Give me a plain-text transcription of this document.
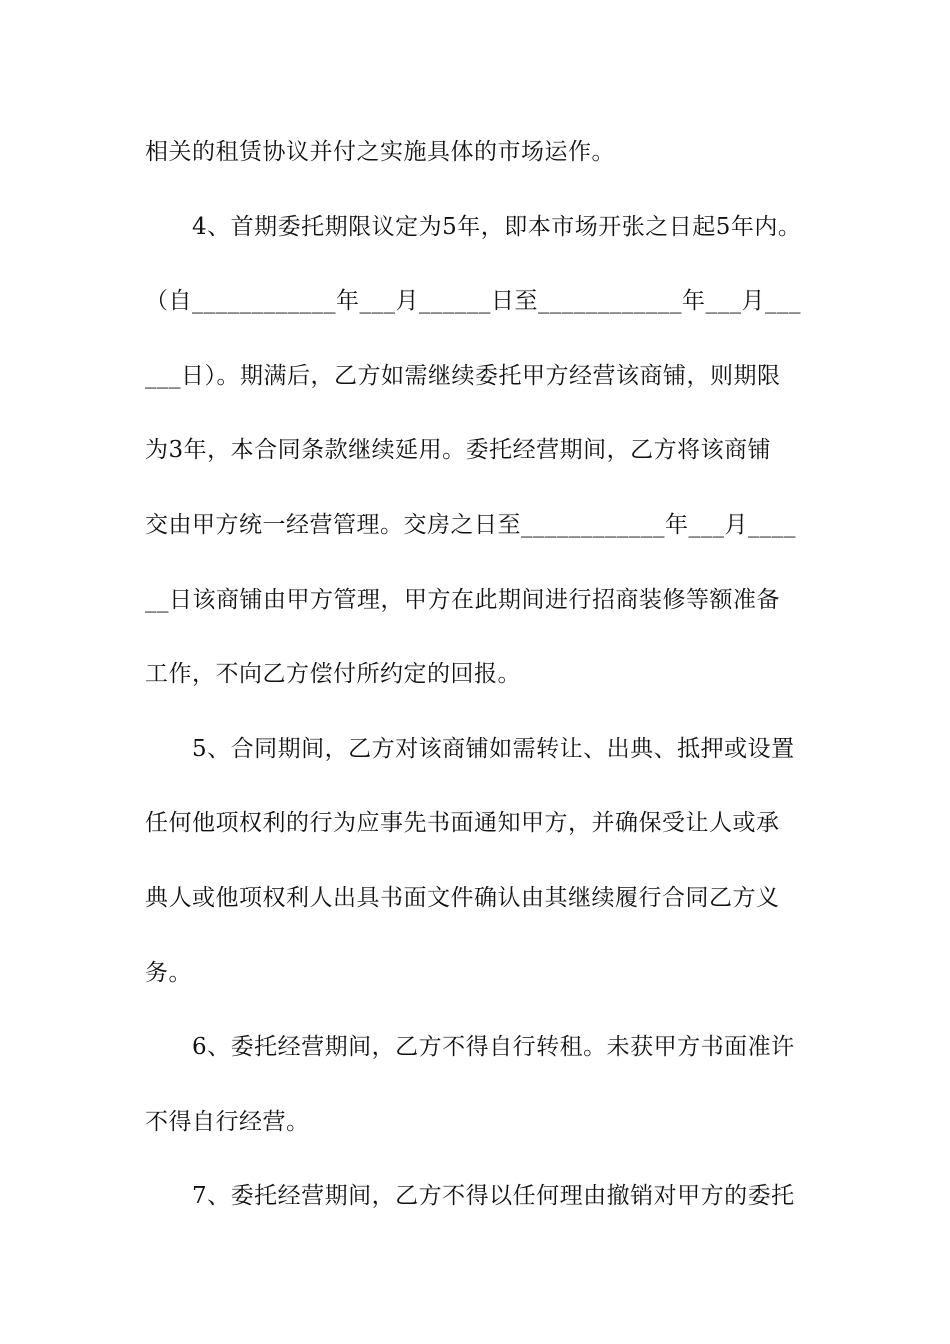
相关的租赁协议并付之实施具体的市场运作。
　　4、首期委托期限议定为5年，即本市场开张之日起5年内。
（自____________年___月______日至____________年___月___
___日）。期满后，乙方如需继续委托甲方经营该商铺，则期限
为3年，本合同条款继续延用。委托经营期间，乙方将该商铺
交由甲方统一经营管理。交房之日至____________年___月____
__日该商铺由甲方管理，甲方在此期间进行招商装修等额准备
工作，不向乙方偿付所约定的回报。
　　5、合同期间，乙方对该商铺如需转让、出典、抵押或设置
任何他项权利的行为应事先书面通知甲方，并确保受让人或承
典人或他项权利人出具书面文件确认由其继续履行合同乙方义
务。
　　6、委托经营期间，乙方不得自行转租。未获甲方书面准许
不得自行经营。
　　7、委托经营期间，乙方不得以任何理由撤销对甲方的委托
